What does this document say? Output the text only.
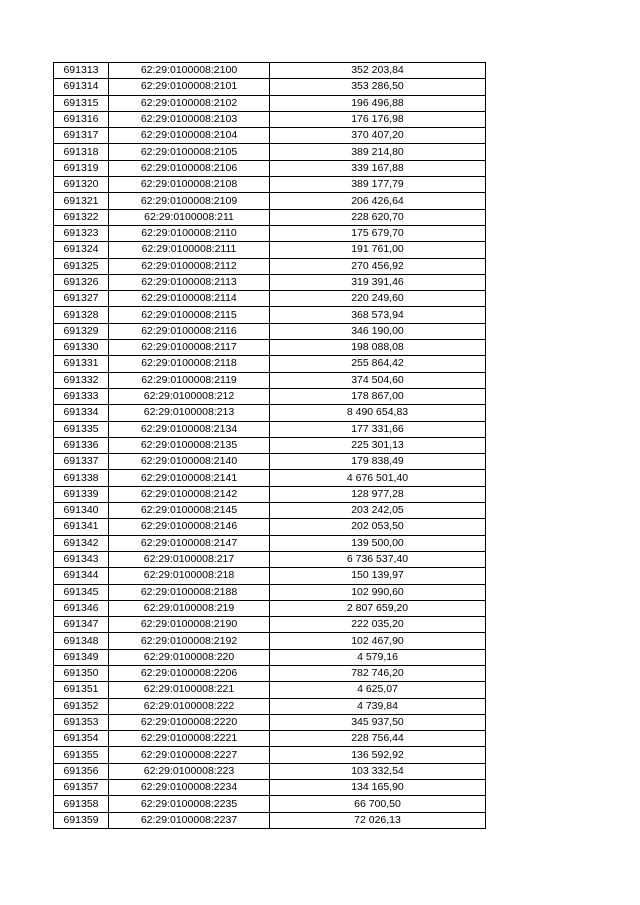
691313	62:29:0100008:2100	352 203,84
691314	62:29:0100008:2101	353 286,50
691315	62:29:0100008:2102	196 496,88
691316	62:29:0100008:2103	176 176,98
691317	62:29:0100008:2104	370 407,20
691318	62:29:0100008:2105	389 214,80
691319	62:29:0100008:2106	339 167,88
691320	62:29:0100008:2108	389 177,79
691321	62:29:0100008:2109	206 426,64
691322	62:29:0100008:211	228 620,70
691323	62:29:0100008:2110	175 679,70
691324	62:29:0100008:2111	191 761,00
691325	62:29:0100008:2112	270 456,92
691326	62:29:0100008:2113	319 391,46
691327	62:29:0100008:2114	220 249,60
691328	62:29:0100008:2115	368 573,94
691329	62:29:0100008:2116	346 190,00
691330	62:29:0100008:2117	198 088,08
691331	62:29:0100008:2118	255 864,42
691332	62:29:0100008:2119	374 504,60
691333	62:29:0100008:212	178 867,00
691334	62:29:0100008:213	8 490 654,83
691335	62:29:0100008:2134	177 331,66
691336	62:29:0100008:2135	225 301,13
691337	62:29:0100008:2140	179 838,49
691338	62:29:0100008:2141	4 676 501,40
691339	62:29:0100008:2142	128 977,28
691340	62:29:0100008:2145	203 242,05
691341	62:29:0100008:2146	202 053,50
691342	62:29:0100008:2147	139 500,00
691343	62:29:0100008:217	6 736 537,40
691344	62:29:0100008:218	150 139,97
691345	62:29:0100008:2188	102 990,60
691346	62:29:0100008:219	2 807 659,20
691347	62:29:0100008:2190	222 035,20
691348	62:29:0100008:2192	102 467,90
691349	62:29:0100008:220	4 579,16
691350	62:29:0100008:2206	782 746,20
691351	62:29:0100008:221	4 625,07
691352	62:29:0100008:222	4 739,84
691353	62:29:0100008:2220	345 937,50
691354	62:29:0100008:2221	228 756,44
691355	62:29:0100008:2227	136 592,92
691356	62:29:0100008:223	103 332,54
691357	62:29:0100008:2234	134 165,90
691358	62:29:0100008:2235	66 700,50
691359	62:29:0100008:2237	72 026,13
